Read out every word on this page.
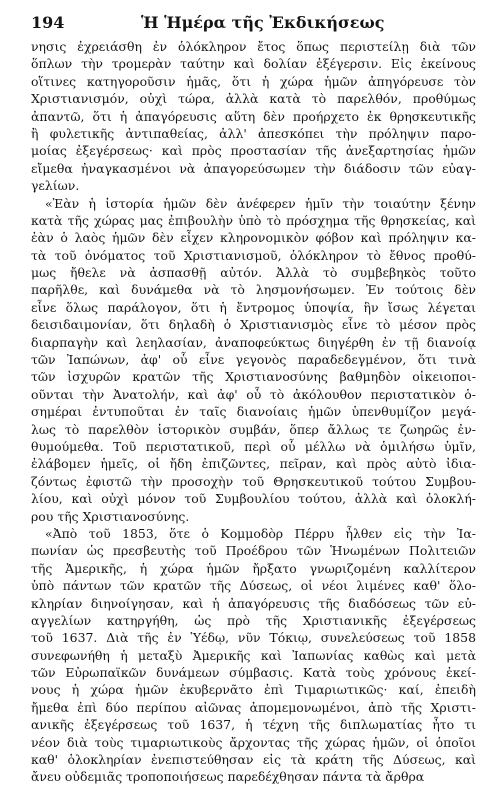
194	Ἡ Ἡμέρα τῆς Ἐκδικήσεως
νησις ἐχρειάσθη ἐν ὁλόκληρον ἔτος ὅπως περιστείλῃ διὰ τῶν
ὅπλων τὴν τρομερὰν ταύτην καὶ δολίαν ἐξέγερσιν. Εἰς ἐκείνους
οἵτινες κατηγοροῦσιν ἡμᾶς, ὅτι ἡ χώρα ἡμῶν ἀπηγόρευσε τὸν
Χριστιανισμόν, οὐχὶ τώρα, ἀλλὰ κατὰ τὸ παρελθόν, προθύμως
ἀπαντῶ, ὅτι ἡ ἀπαγόρευσις αὕτη δὲν προήρχετο ἐκ θρησκευτικῆς
ἢ φυλετικῆς ἀντιπαθείας, ἀλλ' ἀπεσκόπει τὴν πρόληψιν παρο-
μοίας ἐξεγέρσεως· καὶ πρὸς προστασίαν τῆς ἀνεξαρτησίας ἡμῶν
εἴμεθα ἠναγκασμένοι νὰ ἀπαγορεύσωμεν τὴν διάδοσιν τῶν εὐαγ-
γελίων.
«Ἐὰν ἡ ἱστορία ἡμῶν δὲν ἀνέφερεν ἡμῖν τὴν τοιαύτην ξένην
κατὰ τῆς χώρας μας ἐπιβουλὴν ὑπὸ τὸ πρόσχημα τῆς θρησκείας, καὶ
ἐὰν ὁ λαὸς ἡμῶν δὲν εἶχεν κληρονομικὸν φόβον καὶ πρόληψιν κα-
τὰ τοῦ ὀνόματος τοῦ Χριστιανισμοῦ, ὁλόκληρον τὸ ἔθνος προθύ-
μως ἤθελε νὰ ἀσπασθῇ αὐτόν. Ἀλλὰ τὸ συμβεβηκὸς τοῦτο
παρῆλθε, καὶ δυνάμεθα νὰ τὸ λησμονήσωμεν. Ἐν τούτοις δὲν
εἶνε ὅλως παράλογον, ὅτι ἡ ἔντρομος ὑποψία, ἣν ἴσως λέγεται
δεισιδαιμονίαν, ὅτι δηλαδὴ ὁ Χριστιανισμὸς εἶνε τὸ μέσον πρὸς
διαρπαγὴν καὶ λεηλασίαν, ἀναποφεύκτως διηγέρθη ἐν τῇ διανοίᾳ
τῶν Ἰαπώνων, ἀφ' οὗ εἶνε γεγονὸς παραδεδεγμένον, ὅτι τινὰ
τῶν ἰσχυρῶν κρατῶν τῆς Χριστιανοσύνης βαθμηδὸν οἰκειοποι-
οῦνται τὴν Ἀνατολήν, καὶ ἀφ' οὗ τὸ ἀκόλουθον περιστατικὸν ὁ-
σημέραι ἐντυποῦται ἐν ταῖς διανοίαις ἡμῶν ὑπενθυμίζον μεγά-
λως τὸ παρελθὸν ἱστορικὸν συμβάν, ὅπερ ἄλλως τε ζωηρῶς ἐν-
θυμούμεθα. Τοῦ περιστατικοῦ, περὶ οὗ μέλλω νὰ ὁμιλήσω ὑμῖν,
ἐλάβομεν ἡμεῖς, οἱ ἤδη ἐπιζῶντες, πεῖραν, καὶ πρὸς αὐτὸ ἰδια-
ζόντως ἐφιστῶ τὴν προσοχὴν τοῦ Θρησκευτικοῦ τούτου Συμβου-
λίου, καὶ οὐχὶ μόνον τοῦ Συμβουλίου τούτου, ἀλλὰ καὶ ὁλοκλή-
ρου τῆς Χριστιανοσύνης.
«Ἀπὸ τοῦ 1853, ὅτε ὁ Κομμοδὸρ Πέρρυ ἦλθεν εἰς τὴν Ἰα-
πωνίαν ὡς πρεσβευτὴς τοῦ Προέδρου τῶν Ἡνωμένων Πολιτειῶν
τῆς Ἀμερικῆς, ἡ χώρα ἡμῶν ἤρξατο γνωριζομένη καλλίτερον
ὑπὸ πάντων τῶν κρατῶν τῆς Δύσεως, οἱ νέοι λιμένες καθ' ὅλο-
κληρίαν διηνοίγησαν, καὶ ἡ ἀπαγόρευσις τῆς διαδόσεως τῶν εὐ-
αγγελίων κατηργήθη, ὡς πρὸ τῆς Χριστιανικῆς ἐξεγέρσεως
τοῦ 1637. Διὰ τῆς ἐν Ὑέδῳ, νῦν Τόκιῳ, συνελεύσεως τοῦ 1858
συνεφωνήθη ἡ μεταξὺ Ἀμερικῆς καὶ Ἰαπωνίας καθὼς καὶ μετὰ
τῶν Εὐρωπαϊκῶν δυνάμεων σύμβασις. Κατὰ τοὺς χρόνους ἐκεί-
νους ἡ χώρα ἡμῶν ἐκυβερνᾶτο ἐπὶ Τιμαριωτικῶς· καί, ἐπειδὴ
ἤμεθα ἐπὶ δύο περίπου αἰῶνας ἀπομεμονωμένοι, ἀπὸ τῆς Χριστι-
ανικῆς ἐξεγέρσεως τοῦ 1637, ἡ τέχνη τῆς διπλωματίας ἦτο τι
νέον διὰ τοὺς τιμαριωτικοὺς ἄρχοντας τῆς χώρας ἡμῶν, οἱ ὁποῖοι
καθ' ὁλοκληρίαν ἐνεπιστεύθησαν εἰς τὰ κράτη τῆς Δύσεως, καὶ
ἄνευ οὐδεμιᾶς τροποποιήσεως παρεδέχθησαν πάντα τὰ ἄρθρα
